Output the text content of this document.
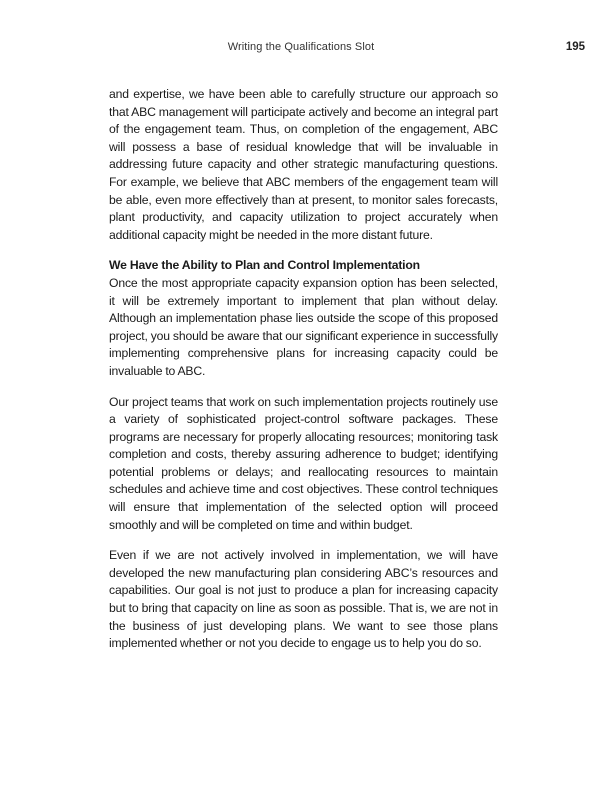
Writing the Qualifications Slot	195

and expertise, we have been able to carefully structure our approach so that ABC management will participate actively and become an integral part of the engagement team. Thus, on completion of the engagement, ABC will possess a base of residual knowledge that will be invaluable in addressing future capacity and other strategic manufacturing questions. For example, we believe that ABC members of the engagement team will be able, even more effectively than at present, to monitor sales forecasts, plant productivity, and capacity utilization to project accurately when additional capacity might be needed in the more distant future.

We Have the Ability to Plan and Control Implementation

Once the most appropriate capacity expansion option has been selected, it will be extremely important to implement that plan without delay. Although an implementation phase lies outside the scope of this proposed project, you should be aware that our significant experience in successfully implementing comprehensive plans for increasing capacity could be invaluable to ABC.

Our project teams that work on such implementation projects routinely use a variety of sophisticated project-control software packages. These programs are necessary for properly allocating resources; monitoring task completion and costs, thereby assuring adherence to budget; identifying potential problems or delays; and reallocating resources to maintain schedules and achieve time and cost objectives. These control techniques will ensure that implementation of the selected option will proceed smoothly and will be completed on time and within budget.

Even if we are not actively involved in implementation, we will have developed the new manufacturing plan considering ABC’s resources and capabilities. Our goal is not just to produce a plan for increasing capacity but to bring that capacity on line as soon as possible. That is, we are not in the business of just developing plans. We want to see those plans implemented whether or not you decide to engage us to help you do so.
